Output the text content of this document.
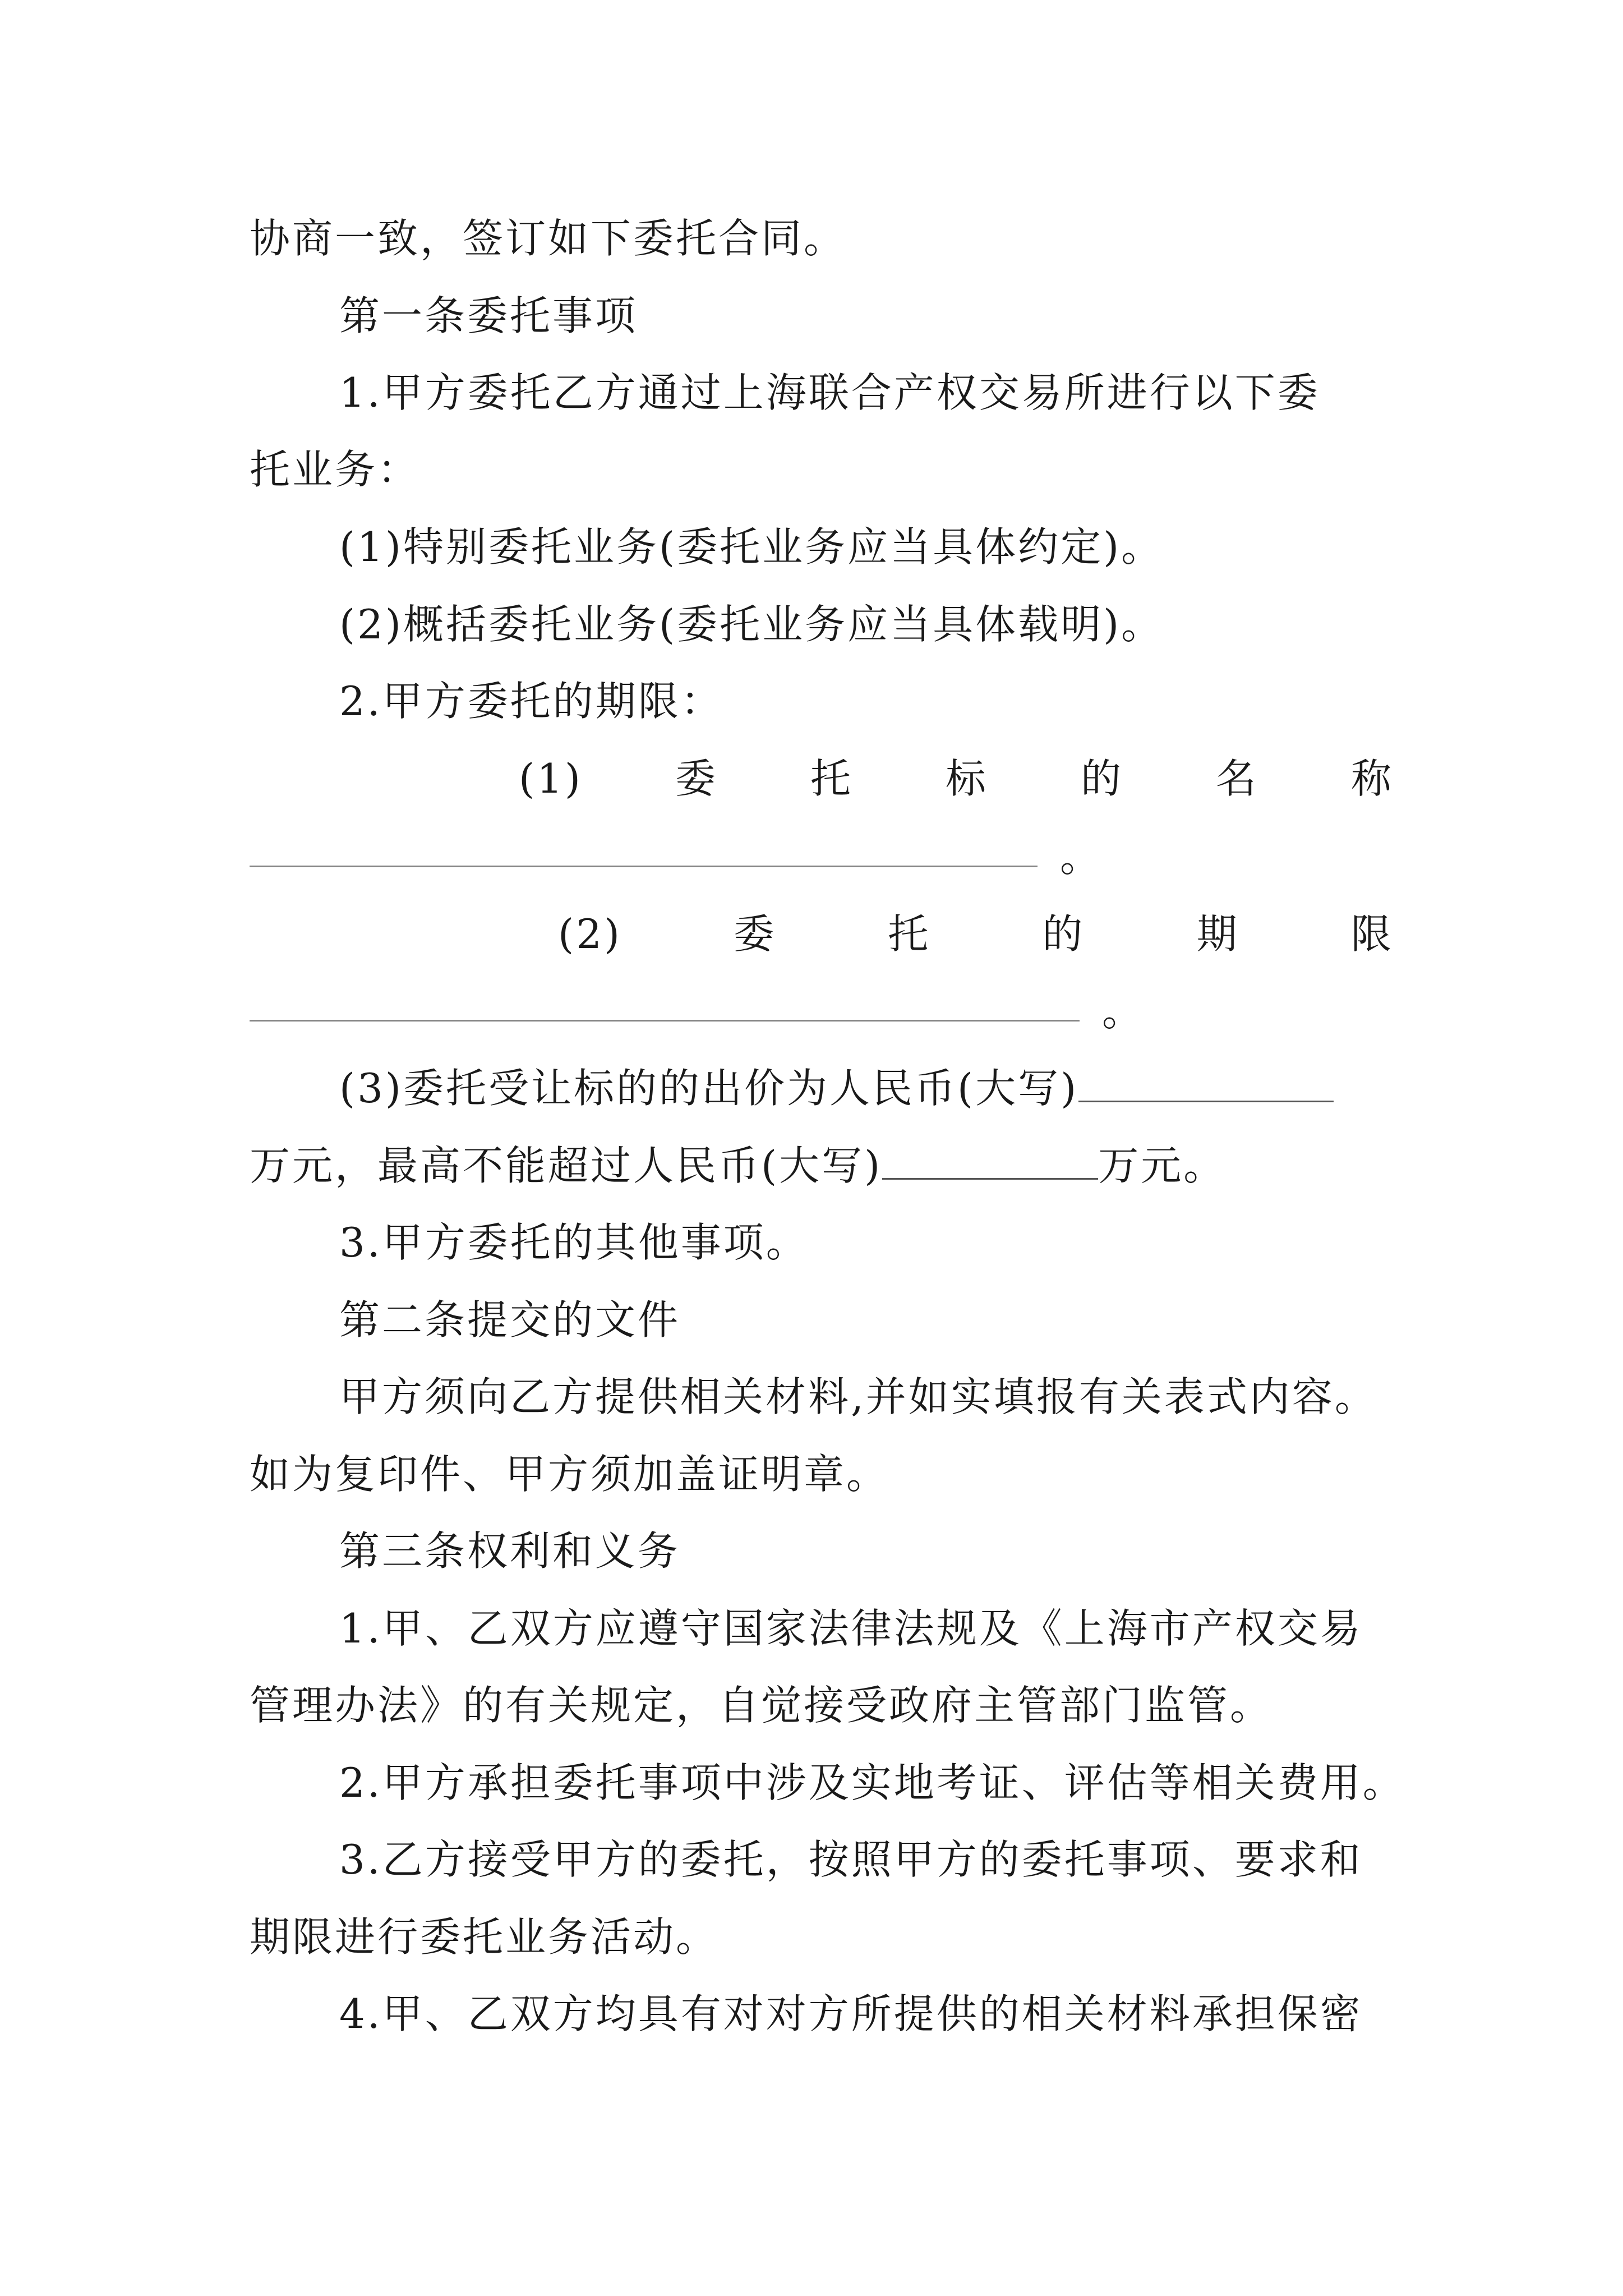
协商一致，签订如下委托合同。
第一条委托事项
1.甲方委托乙方通过上海联合产权交易所进行以下委
托业务：
(1)特别委托业务(委托业务应当具体约定)。
(2)概括委托业务(委托业务应当具体载明)。
2.甲方委托的期限：
(1) 委 托 标 的 名 称
。
(2)	委	托	的	期	限
。
(3)委托受让标的的出价为人民币(大写)
万元，最高不能超过人民币(大写)	万元。
3.甲方委托的其他事项。
第二条提交的文件
甲方须向乙方提供相关材料,并如实填报有关表式内容。
如为复印件、甲方须加盖证明章。
第三条权利和义务
1.甲、乙双方应遵守国家法律法规及《上海市产权交易
管理办法》的有关规定，自觉接受政府主管部门监管。
2.甲方承担委托事项中涉及实地考证、评估等相关费用。
3.乙方接受甲方的委托，按照甲方的委托事项、要求和
期限进行委托业务活动。
4.甲、乙双方均具有对对方所提供的相关材料承担保密
